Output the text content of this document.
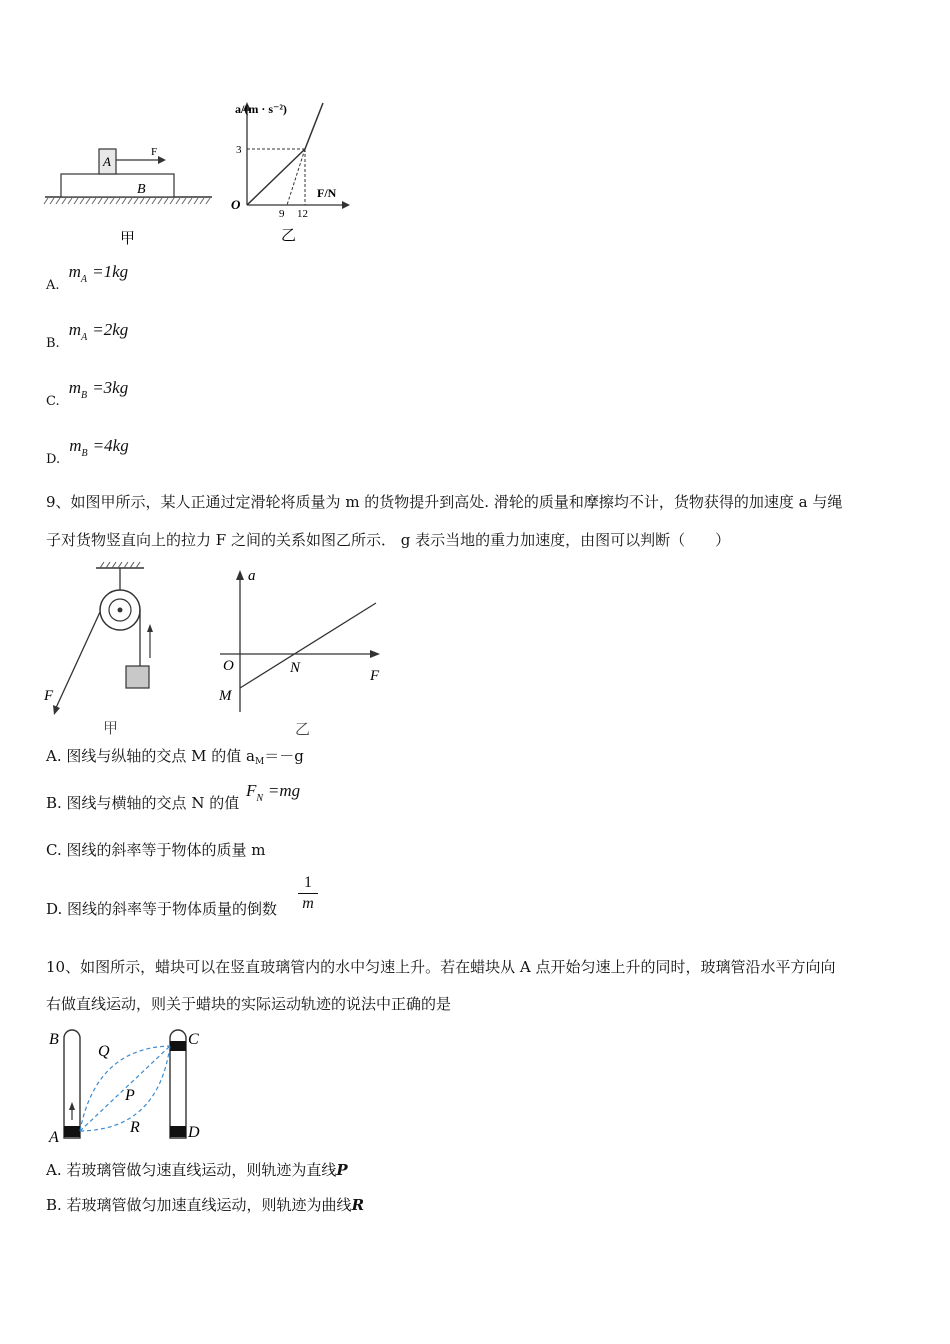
A
B
F
甲
a/(m · s⁻²)
F/N
O
3
9 12
乙
$_{A.}$ $m_A =1kg$
$_{B.}$ $m_A =2kg$
$_{C.}$ $m_B =3kg$
$_{D.}$ $m_B =4kg$
9、如图甲所示，某人正通过定滑轮将质量为 m 的货物提升到高处. 滑轮的质量和摩擦均不计，货物获得的加速度 a 与绳
子对货物竖直向上的拉力 F 之间的关系如图乙所示． g 表示当地的重力加速度，由图可以判断（　　）
F
甲
a
F
O	N
M
乙
A. 图线与纵轴的交点 M 的值 $a_M=-g$
B. 图线与横轴的交点 N 的值 $F_N =mg$
C. 图线的斜率等于物体的质量 m
D. 图线的斜率等于物体质量的倒数
1
m
10、如图所示，蜡块可以在竖直玻璃管内的水中匀速上升。若在蜡块从 A 点开始匀速上升的同时，玻璃管沿水平方向向
右做直线运动，则关于蜡块的实际运动轨迹的说法中正确的是
B	C
A	D
Q
P
R
A. 若玻璃管做匀速直线运动，则轨迹为直线P
B. 若玻璃管做匀加速直线运动，则轨迹为曲线R
